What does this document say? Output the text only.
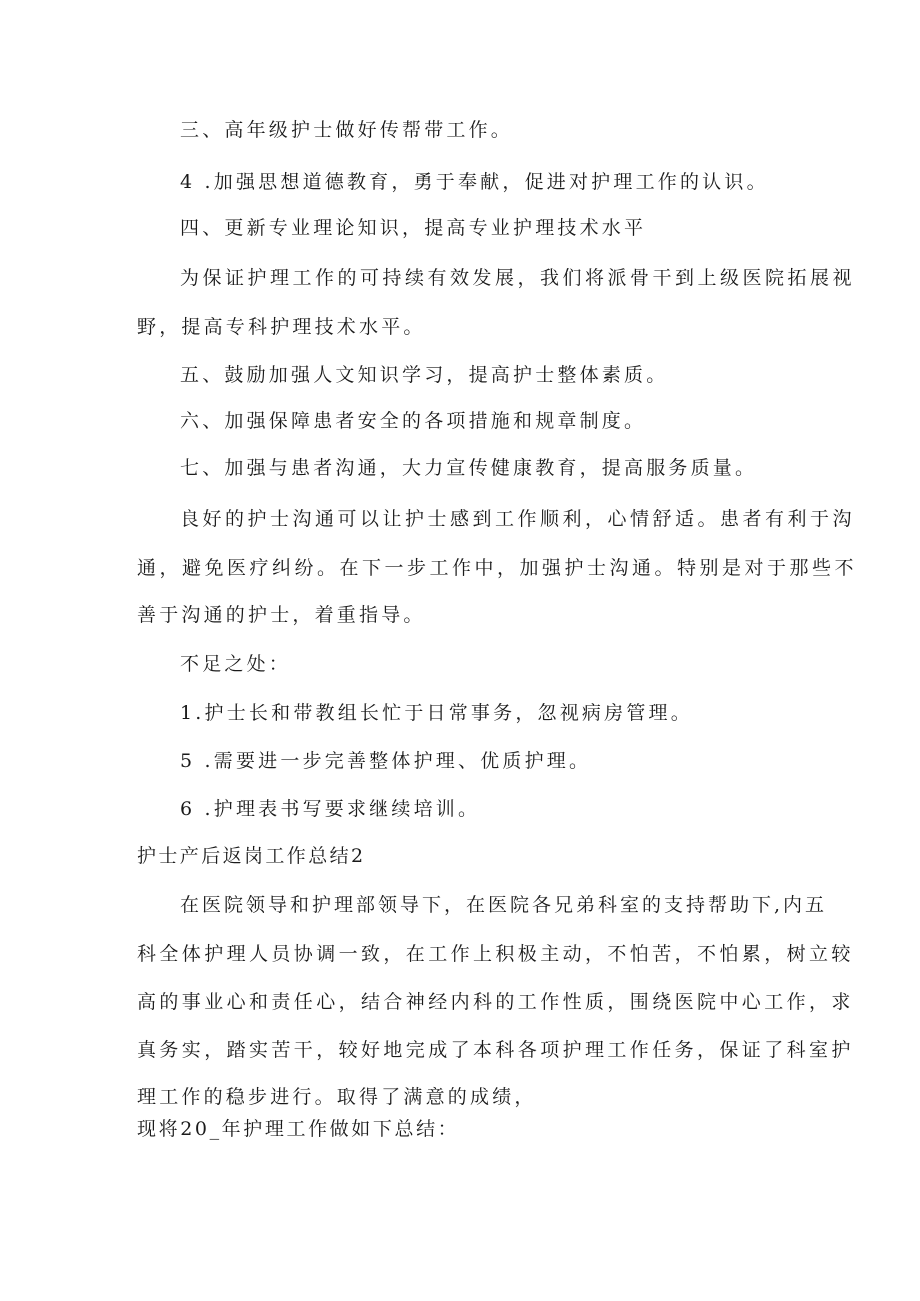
三、高年级护士做好传帮带工作。
4 .加强思想道德教育，勇于奉献，促进对护理工作的认识。
四、更新专业理论知识，提高专业护理技术水平
为保证护理工作的可持续有效发展，我们将派骨干到上级医院拓展视
野，提高专科护理技术水平。
五、鼓励加强人文知识学习，提高护士整体素质。
六、加强保障患者安全的各项措施和规章制度。
七、加强与患者沟通，大力宣传健康教育，提高服务质量。
良好的护士沟通可以让护士感到工作顺利，心情舒适。患者有利于沟
通，避免医疗纠纷。在下一步工作中，加强护士沟通。特别是对于那些不
善于沟通的护士，着重指导。
不足之处：
1.护士长和带教组长忙于日常事务，忽视病房管理。
5 .需要进一步完善整体护理、优质护理。
6 .护理表书写要求继续培训。
护士产后返岗工作总结2
在医院领导和护理部领导下，在医院各兄弟科室的支持帮助下,内五
科全体护理人员协调一致，在工作上积极主动，不怕苦，不怕累，树立较
高的事业心和责任心，结合神经内科的工作性质，围绕医院中心工作，求
真务实，踏实苦干，较好地完成了本科各项护理工作任务，保证了科室护
理工作的稳步进行。取得了满意的成绩，
现将20_年护理工作做如下总结：
